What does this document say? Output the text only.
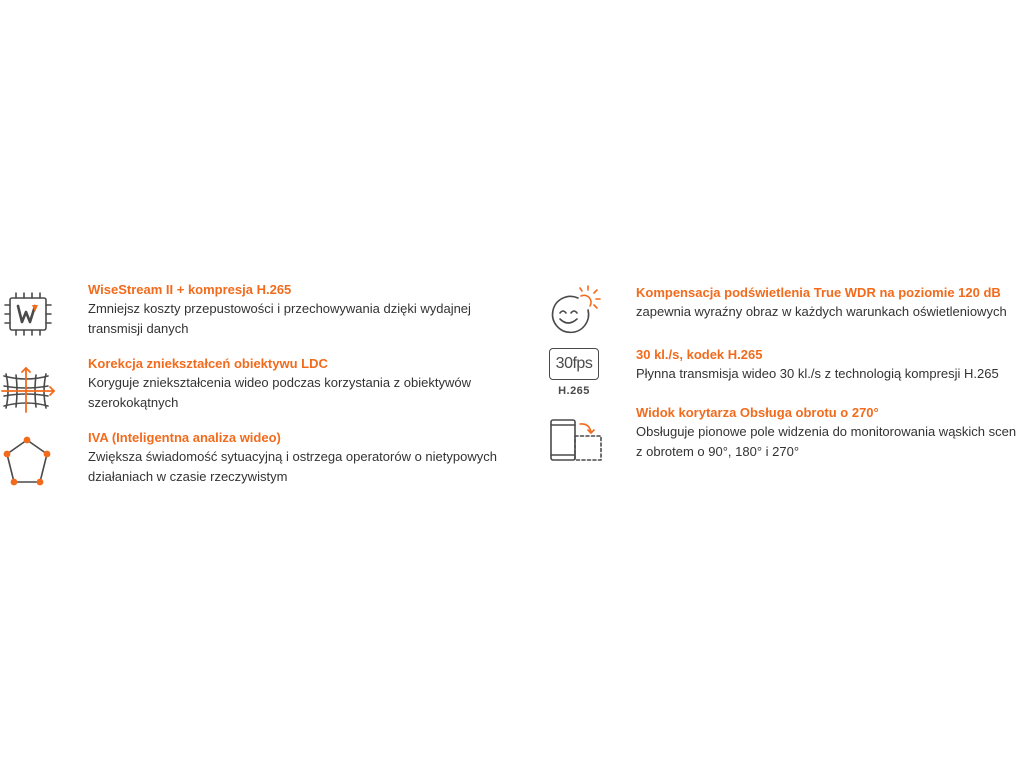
WiseStream II + kompresja H.265
Zmniejsz koszty przepustowości i przechowywania dzięki wydajnej transmisji danych
Korekcja zniekształceń obiektywu LDC
Koryguje zniekształcenia wideo podczas korzystania z obiektywów szerokokątnych
IVA (Inteligentna analiza wideo)
Zwiększa świadomość sytuacyjną i ostrzega operatorów o nietypowych działaniach w czasie rzeczywistym
Kompensacja podświetlenia True WDR na poziomie 120 dB
zapewnia wyraźny obraz w każdych warunkach oświetleniowych
30fps
H.265
30 kl./s, kodek H.265
Płynna transmisja wideo 30 kl./s z technologią kompresji H.265
Widok korytarza Obsługa obrotu o 270°
Obsługuje pionowe pole widzenia do monitorowania wąskich scen z obrotem o 90°, 180° i 270°
